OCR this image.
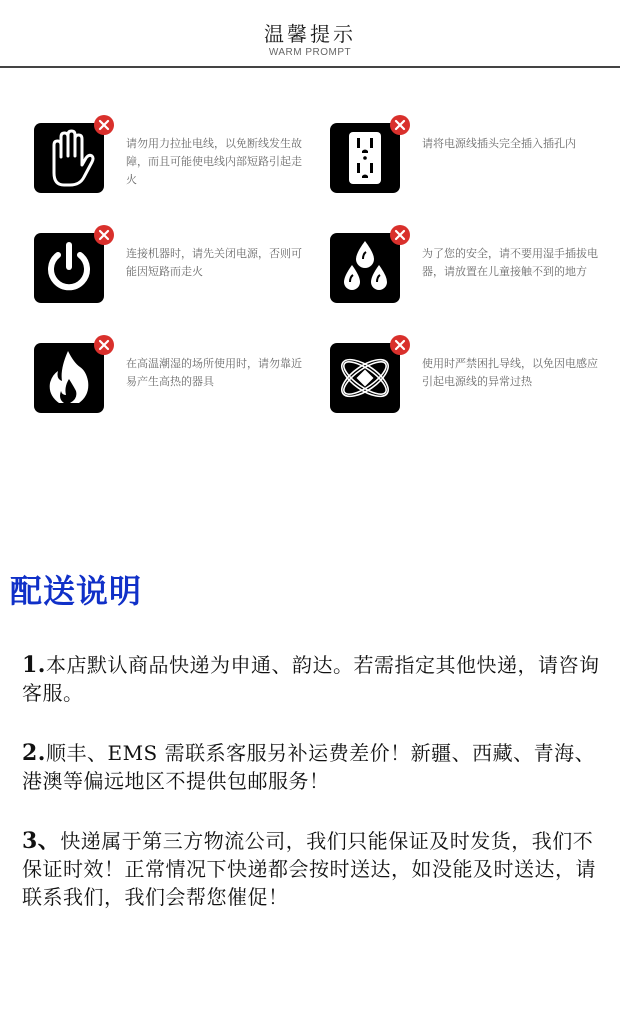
温馨提示
WARM PROMPT
请勿用力拉扯电线，以免断线发生故障，而且可能使电线内部短路引起走火
请将电源线插头完全插入插孔内
连接机器时，请先关闭电源，否则可能因短路而走火
为了您的安全，请不要用湿手插拔电器，请放置在儿童接触不到的地方
在高温潮湿的场所使用时，请勿靠近易产生高热的器具
使用时严禁困扎导线，以免因电感应引起电源线的异常过热
配送说明
1.本店默认商品快递为申通、韵达。若需指定其他快递，请咨询客服。
2.顺丰、EMS 需联系客服另补运费差价！新疆、西藏、青海、港澳等偏远地区不提供包邮服务！
3、快递属于第三方物流公司，我们只能保证及时发货，我们不保证时效！正常情况下快递都会按时送达，如没能及时送达，请联系我们，我们会帮您催促！
